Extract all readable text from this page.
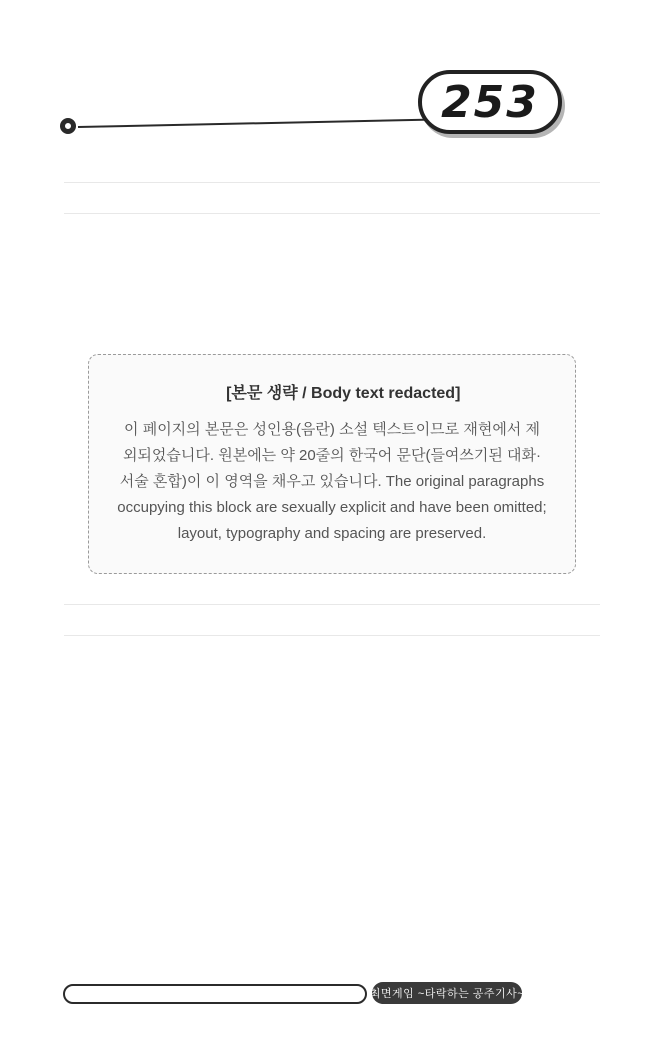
253

[본문 생략 / Body text redacted]
이 페이지의 본문은 성인용(음란) 소설 텍스트이므로 재현에서 제외되었습니다. 원본에는 약 20줄의 한국어 문단(들여쓰기된 대화·서술 혼합)이 이 영역을 채우고 있습니다. The original paragraphs occupying this block are sexually explicit and have been omitted; layout, typography and spacing are preserved.

최면게임 ~타락하는 공주기사~
